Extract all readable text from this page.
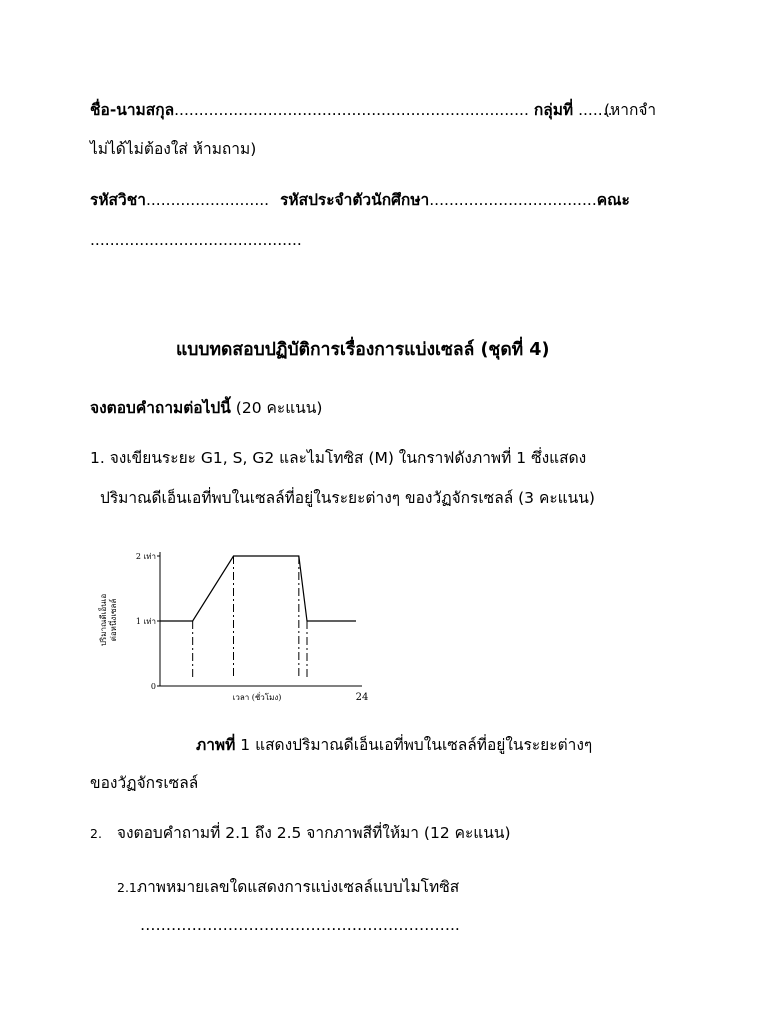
ชื่อ-นามสกุล........................................................................ กลุ่มที่ .......
(หากจำ
ไม่ได้ไม่ต้องใส่ ห้ามถาม)
รหัสวิชา......................... รหัสประจำตัวนักศึกษา..................................คณะ
...........................................
แบบทดสอบปฏิบัติการเรื่องการแบ่งเซลล์ (ชุดที่ 4)
จงตอบคำถามต่อไปนี้ (20 คะแนน)
1. จงเขียนระยะ G1, S, G2 และไมโทซิส (M) ในกราฟดังภาพที่ 1 ซึ่งแสดง
ปริมาณดีเอ็นเอที่พบในเซลล์ที่อยู่ในระยะต่างๆ ของวัฏจักรเซลล์ (3 คะแนน)
2 เท่า
1 เท่า
0
24
ปริมาณดีเอ็นเอ ต่อหนึ่งเซลล์
เวลา (ชั่วโมง)
ภาพที่ 1 แสดงปริมาณดีเอ็นเอที่พบในเซลล์ที่อยู่ในระยะต่างๆ
ของวัฏจักรเซลล์
2. จงตอบคำถามที่ 2.1 ถึง 2.5 จากภาพสีที่ให้มา (12 คะแนน)
2.1ภาพหมายเลขใดแสดงการแบ่งเซลล์แบบไมโทซิส
……………………………………………………..
